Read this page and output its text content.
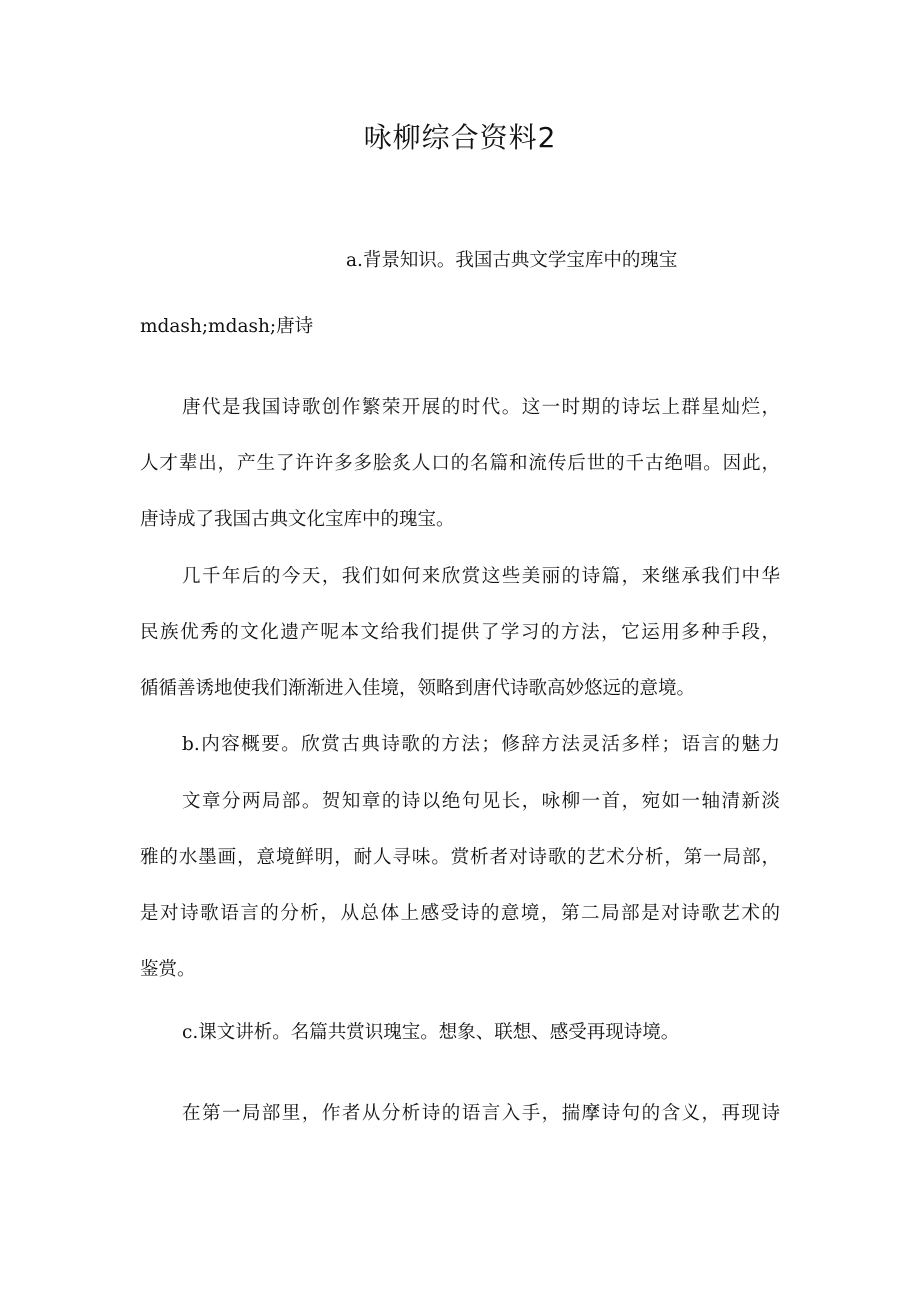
咏柳综合资料2

a.背景知识。我国古典文学宝库中的瑰宝

mdash;mdash;唐诗

唐代是我国诗歌创作繁荣开展的时代。这一时期的诗坛上群星灿烂，

人才辈出，产生了许许多多脍炙人口的名篇和流传后世的千古绝唱。因此，

唐诗成了我国古典文化宝库中的瑰宝。

几千年后的今天，我们如何来欣赏这些美丽的诗篇，来继承我们中华

民族优秀的文化遗产呢本文给我们提供了学习的方法，它运用多种手段，

循循善诱地使我们渐渐进入佳境，领略到唐代诗歌高妙悠远的意境。

b.内容概要。欣赏古典诗歌的方法；修辞方法灵活多样；语言的魅力

文章分两局部。贺知章的诗以绝句见长，咏柳一首，宛如一轴清新淡

雅的水墨画，意境鲜明，耐人寻味。赏析者对诗歌的艺术分析，第一局部，

是对诗歌语言的分析，从总体上感受诗的意境，第二局部是对诗歌艺术的

鉴赏。

c.课文讲析。名篇共赏识瑰宝。想象、联想、感受再现诗境。

在第一局部里，作者从分析诗的语言入手，揣摩诗句的含义，再现诗
